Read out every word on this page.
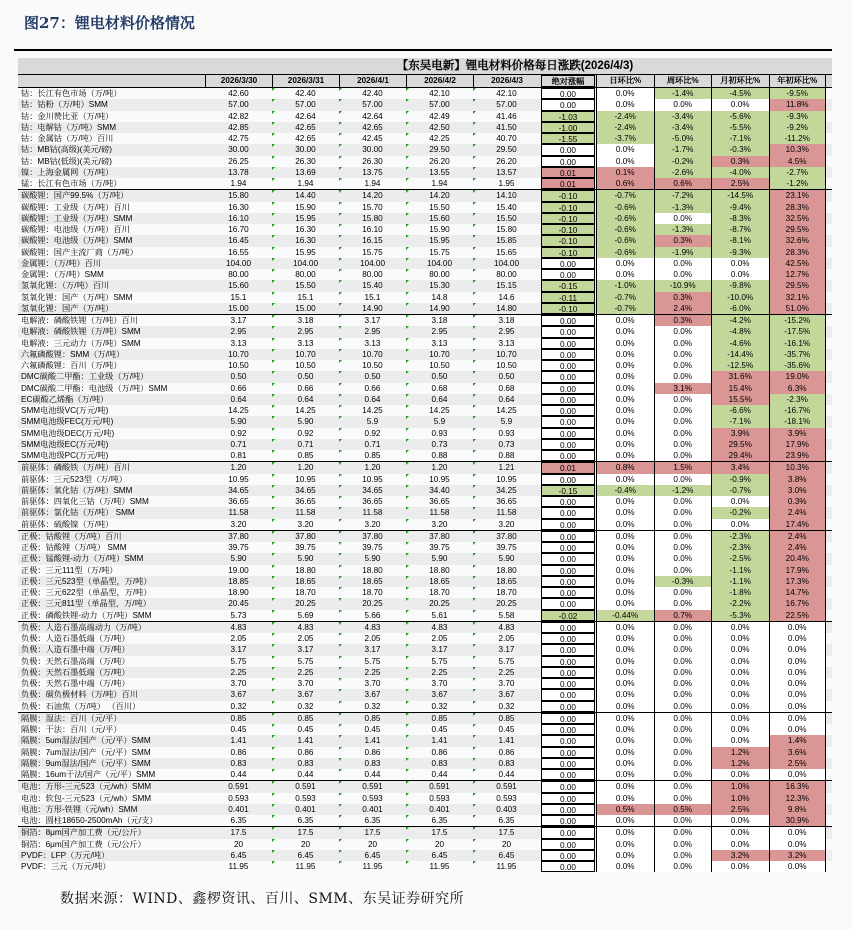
图27：锂电材料价格情况
【东吴电新】锂电材料价格每日涨跌(2026/4/3)
2026/3/30	2026/3/31	2026/4/1	2026/4/2	2026/4/3	绝对涨幅	日环比%	周环比%	月初环比%	年初环比%
钴：长江有色市场（万/吨）	42.60	42.40	42.40	42.10	42.10	0.00	0.0%	-1.4%	-4.5%	-9.5%
钴：钴粉（万/吨）SMM	57.00	57.00	57.00	57.00	57.00	0.00	0.0%	0.0%	0.0%	11.8%
钴：金川赞比亚（万/吨）	42.82	42.64	42.64	42.49	41.46	-1.03	-2.4%	-3.4%	-5.6%	-9.3%
钴：电解钴（万/吨）SMM	42.85	42.65	42.65	42.50	41.50	-1.00	-2.4%	-3.4%	-5.5%	-9.2%
钴：金属钴（万/吨）百川	42.75	42.65	42.45	42.25	40.70	-1.55	-3.7%	-5.0%	-7.1%	-11.2%
钴：MB钴(高级)(美元/磅)	30.00	30.00	30.00	29.50	29.50	0.00	0.0%	-1.7%	-0.3%	10.3%
钴：MB钴(低级)(美元/磅)	26.25	26.30	26.30	26.20	26.20	0.00	0.0%	-0.2%	0.3%	4.5%
镍：上海金属网（万/吨）	13.78	13.69	13.75	13.55	13.57	0.01	0.1%	-2.6%	-4.0%	-2.7%
锰：长江有色市场（万/吨）	1.94	1.94	1.94	1.94	1.95	0.01	0.6%	0.6%	2.5%	-1.2%
碳酸锂：国产99.5%（万/吨）	15.80	14.40	14.20	14.20	14.10	-0.10	-0.7%	-7.2%	-14.5%	23.1%
碳酸锂：工业级（万/吨）百川	16.30	15.90	15.70	15.50	15.40	-0.10	-0.6%	-1.3%	-9.4%	28.3%
碳酸锂：工业级（万/吨）SMM	16.10	15.95	15.80	15.60	15.50	-0.10	-0.6%	0.0%	-8.3%	32.5%
碳酸锂：电池级（万/吨）百川	16.70	16.30	16.10	15.90	15.80	-0.10	-0.6%	-1.3%	-8.7%	29.5%
碳酸锂：电池级（万/吨）SMM	16.45	16.30	16.15	15.95	15.85	-0.10	-0.6%	0.3%	-8.1%	32.6%
碳酸锂：国产主流厂商（万/吨）	16.55	15.95	15.75	15.75	15.65	-0.10	-0.6%	-1.9%	-9.3%	28.3%
金属锂：（万/吨）百川	104.00	104.00	104.00	104.00	104.00	0.00	0.0%	0.0%	0.0%	42.5%
金属锂：（万/吨）SMM	80.00	80.00	80.00	80.00	80.00	0.00	0.0%	0.0%	0.0%	12.7%
氢氧化锂：（万/吨）百川	15.60	15.50	15.40	15.30	15.15	-0.15	-1.0%	-10.9%	-9.8%	29.5%
氢氧化锂：国产（万/吨）SMM	15.1	15.1	15.1	14.8	14.6	-0.11	-0.7%	0.3%	-10.0%	32.1%
氢氧化锂：国产（万/吨）	15.00	15.00	14.90	14.90	14.80	-0.10	-0.7%	2.4%	-6.0%	51.0%
电解液：磷酸铁锂（万/吨）百川	3.17	3.18	3.17	3.18	3.18	0.00	0.0%	0.3%	-4.2%	-15.2%
电解液：磷酸铁锂（万/吨）SMM	2.95	2.95	2.95	2.95	2.95	0.00	0.0%	0.0%	-4.8%	-17.5%
电解液：三元动力（万/吨）SMM	3.13	3.13	3.13	3.13	3.13	0.00	0.0%	0.0%	-4.6%	-16.1%
六氟磷酸锂：SMM（万/吨）	10.70	10.70	10.70	10.70	10.70	0.00	0.0%	0.0%	-14.4%	-35.7%
六氟磷酸锂：百川（万/吨）	10.50	10.50	10.50	10.50	10.50	0.00	0.0%	0.0%	-12.5%	-35.6%
DMC碳酸二甲酯：工业级（万/吨）	0.50	0.50	0.50	0.50	0.50	0.00	0.0%	0.0%	31.6%	19.0%
DMC碳酸二甲酯：电池级（万/吨）SMM	0.66	0.66	0.66	0.68	0.68	0.00	0.0%	3.1%	15.4%	6.3%
EC碳酸乙烯酯（万/吨）	0.64	0.64	0.64	0.64	0.64	0.00	0.0%	0.0%	15.5%	-2.3%
SMM电池级VC(万元/吨)	14.25	14.25	14.25	14.25	14.25	0.00	0.0%	0.0%	-6.6%	-16.7%
SMM电池级FEC(万元/吨)	5.90	5.90	5.9	5.9	5.9	0.00	0.0%	0.0%	-7.1%	-18.1%
SMM电池级DEC(万元/吨)	0.92	0.92	0.92	0.93	0.93	0.00	0.0%	0.0%	3.9%	3.9%
SMM电池级EC(万元/吨)	0.71	0.71	0.71	0.73	0.73	0.00	0.0%	0.0%	29.5%	17.9%
SMM电池级PC(万元/吨)	0.81	0.85	0.85	0.88	0.88	0.00	0.0%	0.0%	29.4%	23.9%
前驱体：磷酸铁（万/吨）百川	1.20	1.20	1.20	1.20	1.21	0.01	0.8%	1.5%	3.4%	10.3%
前驱体：三元523型（万/吨）	10.95	10.95	10.95	10.95	10.95	0.00	0.0%	0.0%	-0.9%	3.8%
前驱体：氧化钴（万/吨）SMM	34.65	34.65	34.65	34.40	34.25	-0.15	-0.4%	-1.2%	-0.7%	3.0%
前驱体：四氧化三钴（万/吨）SMM	36.65	36.65	36.65	36.65	36.65	0.00	0.0%	0.0%	0.0%	0.3%
前驱体：氯化钴（万/吨） SMM	11.58	11.58	11.58	11.58	11.58	0.00	0.0%	0.0%	-0.2%	2.4%
前驱体：硫酸镍（万/吨）	3.20	3.20	3.20	3.20	3.20	0.00	0.0%	0.0%	0.0%	17.4%
正极：钴酸锂（万/吨）百川	37.80	37.80	37.80	37.80	37.80	0.00	0.0%	0.0%	-2.3%	2.4%
正极：钴酸锂（万/吨） SMM	39.75	39.75	39.75	39.75	39.75	0.00	0.0%	0.0%	-2.3%	2.4%
正极：锰酸锂-动力（万/吨）SMM	5.90	5.90	5.90	5.90	5.90	0.00	0.0%	0.0%	-2.5%	20.4%
正极：三元111型（万/吨）	19.00	18.80	18.80	18.80	18.80	0.00	0.0%	0.0%	-1.1%	17.9%
正极：三元523型（单晶型，万/吨）	18.85	18.65	18.65	18.65	18.65	0.00	0.0%	-0.3%	-1.1%	17.3%
正极：三元622型（单晶型，万/吨）	18.90	18.70	18.70	18.70	18.70	0.00	0.0%	0.0%	-1.8%	14.7%
正极：三元811型（单晶型，万/吨）	20.45	20.25	20.25	20.25	20.25	0.00	0.0%	0.0%	-2.2%	16.7%
正极：磷酸铁锂-动力（万/吨）SMM	5.73	5.69	5.66	5.61	5.58	-0.02	-0.44%	0.7%	-5.3%	22.5%
负极：人造石墨高端动力（万/吨）	4.83	4.83	4.83	4.83	4.83	0.00	0.0%	0.0%	0.0%	0.0%
负极：人造石墨低端（万/吨）	2.05	2.05	2.05	2.05	2.05	0.00	0.0%	0.0%	0.0%	0.0%
负极：人造石墨中端（万/吨）	3.17	3.17	3.17	3.17	3.17	0.00	0.0%	0.0%	0.0%	0.0%
负极：天然石墨高端（万/吨）	5.75	5.75	5.75	5.75	5.75	0.00	0.0%	0.0%	0.0%	0.0%
负极：天然石墨低端（万/吨）	2.25	2.25	2.25	2.25	2.25	0.00	0.0%	0.0%	0.0%	0.0%
负极：天然石墨中端（万/吨）	3.70	3.70	3.70	3.70	3.70	0.00	0.0%	0.0%	0.0%	0.0%
负极：碳负极材料（万/吨）百川	3.67	3.67	3.67	3.67	3.67	0.00	0.0%	0.0%	0.0%	0.0%
负极：石油焦（万/吨） （百川）	0.32	0.32	0.32	0.32	0.32	0.00	0.0%	0.0%	0.0%	0.0%
隔膜：湿法：百川（元/平）	0.85	0.85	0.85	0.85	0.85	0.00	0.0%	0.0%	0.0%	0.0%
隔膜：干法：百川（元/平）	0.45	0.45	0.45	0.45	0.45	0.00	0.0%	0.0%	0.0%	0.0%
隔膜：5um湿法/国产（元/平）SMM	1.41	1.41	1.41	1.41	1.41	0.00	0.0%	0.0%	0.0%	1.4%
隔膜：7um湿法/国产（元/平）SMM	0.86	0.86	0.86	0.86	0.86	0.00	0.0%	0.0%	1.2%	3.6%
隔膜：9um湿法/国产（元/平）SMM	0.83	0.83	0.83	0.83	0.83	0.00	0.0%	0.0%	1.2%	2.5%
隔膜：16um干法/国产（元/平）SMM	0.44	0.44	0.44	0.44	0.44	0.00	0.0%	0.0%	0.0%	0.0%
电池：方形-三元523（元/wh）SMM	0.591	0.591	0.591	0.591	0.591	0.00	0.0%	0.0%	1.0%	16.3%
电池：软包-三元523（元/wh）SMM	0.593	0.593	0.593	0.593	0.593	0.00	0.0%	0.0%	1.0%	12.3%
电池：方形-铁锂（元/wh）SMM	0.401	0.401	0.401	0.401	0.403	0.00	0.5%	0.5%	2.5%	9.8%
电池：圆柱18650-2500mAh（元/支）	6.35	6.35	6.35	6.35	6.35	0.00	0.0%	0.0%	0.0%	30.9%
铜箔：8μm国产加工费（元/公斤）	17.5	17.5	17.5	17.5	17.5	0.00	0.0%	0.0%	0.0%	0.0%
铜箔：6μm国产加工费（元/公斤）	20	20	20	20	20	0.00	0.0%	0.0%	0.0%	0.0%
PVDF：LFP（万元/吨）	6.45	6.45	6.45	6.45	6.45	0.00	0.0%	0.0%	3.2%	3.2%
PVDF：三元（万元/吨）	11.95	11.95	11.95	11.95	11.95	0.00	0.0%	0.0%	0.0%	0.0%
数据来源：WIND、鑫椤资讯、百川、SMM、东吴证券研究所
